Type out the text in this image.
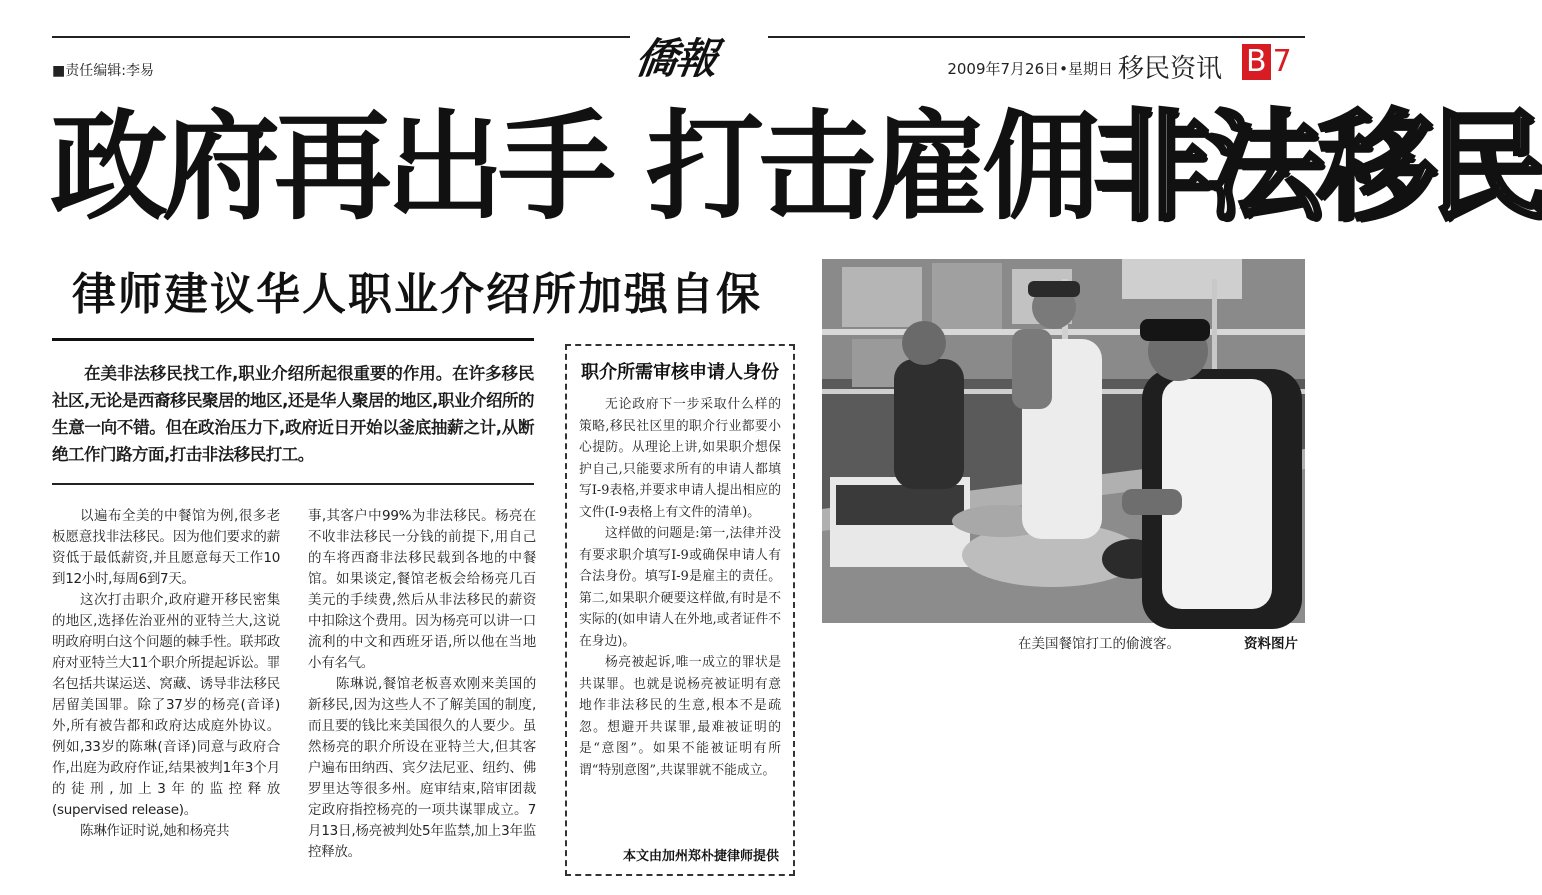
■责任编辑:李易	僑報	2009年7月26日•星期日 移民资讯 B 7
政府再出手 打击雇佣非法移民
律师建议华人职业介绍所加强自保
在美非法移民找工作,职业介绍所起很重要的作用。在许多移民社区,无论是西裔移民聚居的地区,还是华人聚居的地区,职业介绍所的生意一向不错。但在政治压力下,政府近日开始以釜底抽薪之计,从断绝工作门路方面,打击非法移民打工。

以遍布全美的中餐馆为例,很多老板愿意找非法移民。因为他们要求的薪资低于最低薪资,并且愿意每天工作10到12小时,每周6到7天。

这次打击职介,政府避开移民密集的地区,选择佐治亚州的亚特兰大,这说明政府明白这个问题的棘手性。联邦政府对亚特兰大11个职介所提起诉讼。罪名包括共谋运送、窝藏、诱导非法移民居留美国罪。除了37岁的杨亮(音译)外,所有被告都和政府达成庭外协议。例如,33岁的陈琳(音译)同意与政府合作,出庭为政府作证,结果被判1年3个月的徒刑,加上3年的监控释放(supervised release)。

陈琳作证时说,她和杨亮共

事,其客户中99%为非法移民。杨亮在不收非法移民一分钱的前提下,用自己的车将西裔非法移民载到各地的中餐馆。如果谈定,餐馆老板会给杨亮几百美元的手续费,然后从非法移民的薪资中扣除这个费用。因为杨亮可以讲一口流利的中文和西班牙语,所以他在当地小有名气。

陈琳说,餐馆老板喜欢刚来美国的新移民,因为这些人不了解美国的制度,而且要的钱比来美国很久的人要少。虽然杨亮的职介所设在亚特兰大,但其客户遍布田纳西、宾夕法尼亚、纽约、佛罗里达等很多州。庭审结束,陪审团裁定政府指控杨亮的一项共谋罪成立。7月13日,杨亮被判处5年监禁,加上3年监控释放。

职介所需审核申请人身份

无论政府下一步采取什么样的策略,移民社区里的职介行业都要小心提防。从理论上讲,如果职介想保护自己,只能要求所有的申请人都填写I-9表格,并要求申请人提出相应的文件(I-9表格上有文件的清单)。

这样做的问题是:第一,法律并没有要求职介填写I-9或确保申请人有合法身份。填写I-9是雇主的责任。第二,如果职介硬要这样做,有时是不实际的(如申请人在外地,或者证件不在身边)。

杨亮被起诉,唯一成立的罪状是共谋罪。也就是说杨亮被证明有意地作非法移民的生意,根本不是疏忽。想避开共谋罪,最难被证明的是“意图”。如果不能被证明有所谓“特别意图”,共谋罪就不能成立。

本文由加州郑朴捷律师提供
在美国餐馆打工的偷渡客。	资料图片
